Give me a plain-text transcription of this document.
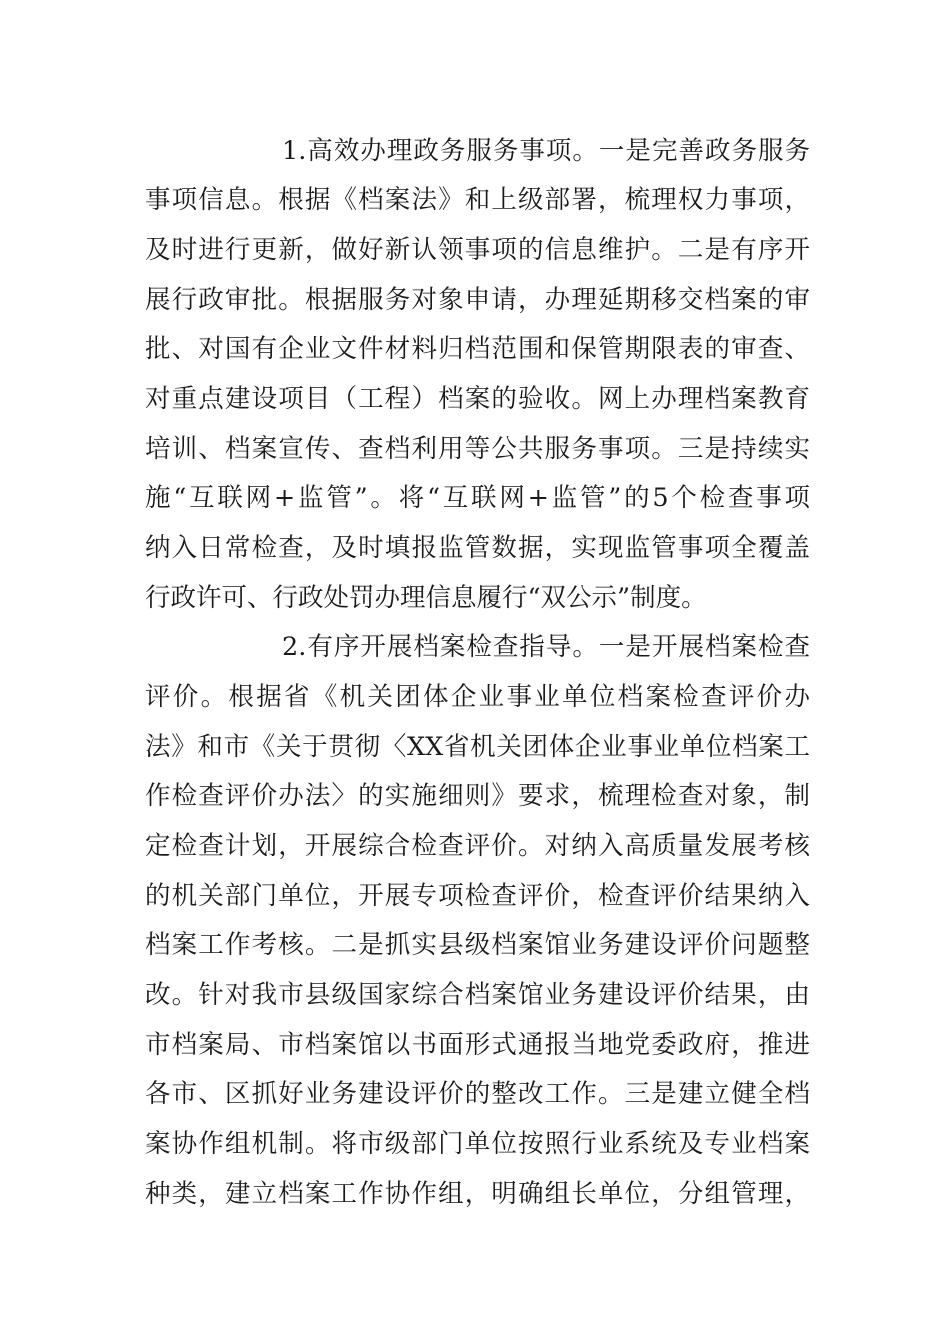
1.高效办理政务服务事项。一是完善政务服务
事项信息。根据《档案法》和上级部署，梳理权力事项，
及时进行更新，做好新认领事项的信息维护。二是有序开
展行政审批。根据服务对象申请，办理延期移交档案的审
批、对国有企业文件材料归档范围和保管期限表的审查、
对重点建设项目（工程）档案的验收。网上办理档案教育
培训、档案宣传、查档利用等公共服务事项。三是持续实
施“互联网+监管”。将“互联网+监管”的5个检查事项
纳入日常检查，及时填报监管数据，实现监管事项全覆盖
行政许可、行政处罚办理信息履行“双公示”制度。
2.有序开展档案检查指导。一是开展档案检查
评价。根据省《机关团体企业事业单位档案检查评价办
法》和市《关于贯彻〈XX省机关团体企业事业单位档案工
作检查评价办法〉的实施细则》要求，梳理检查对象，制
定检查计划，开展综合检查评价。对纳入高质量发展考核
的机关部门单位，开展专项检查评价，检查评价结果纳入
档案工作考核。二是抓实县级档案馆业务建设评价问题整
改。针对我市县级国家综合档案馆业务建设评价结果，由
市档案局、市档案馆以书面形式通报当地党委政府，推进
各市、区抓好业务建设评价的整改工作。三是建立健全档
案协作组机制。将市级部门单位按照行业系统及专业档案
种类，建立档案工作协作组，明确组长单位，分组管理，
